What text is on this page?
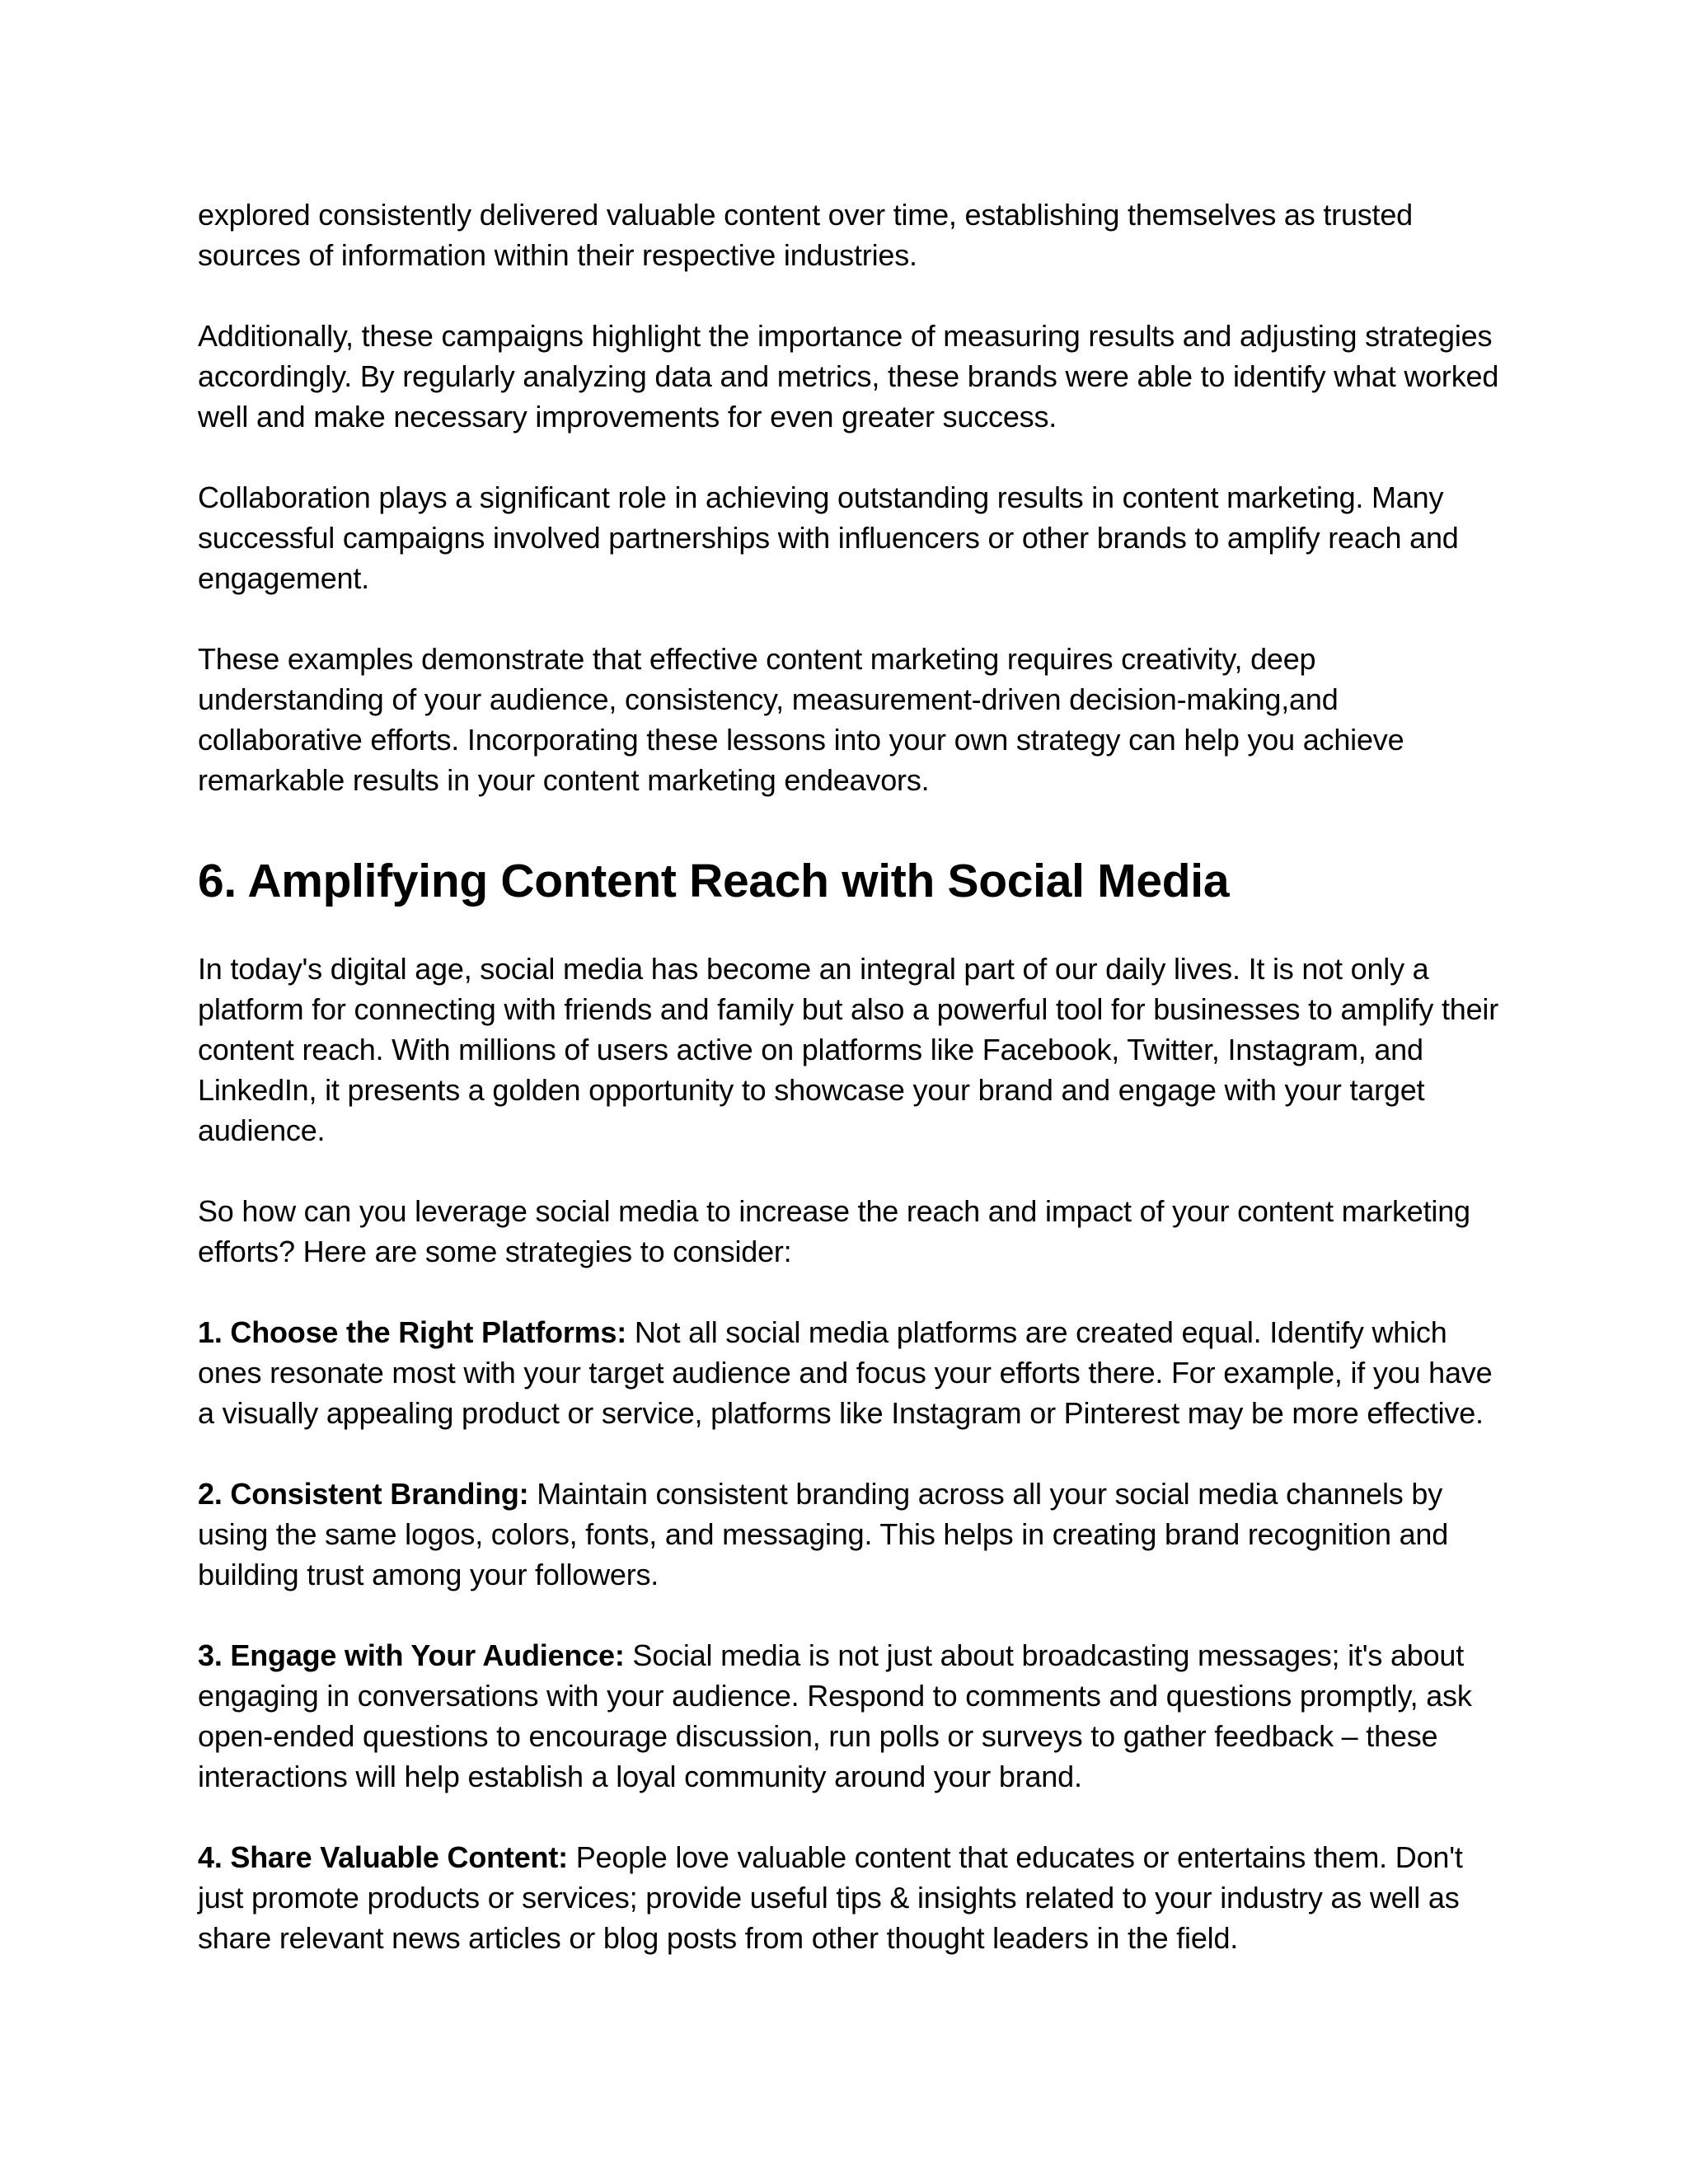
explored consistently delivered valuable content over time, establishing themselves as trusted sources of information within their respective industries.

Additionally, these campaigns highlight the importance of measuring results and adjusting strategies accordingly. By regularly analyzing data and metrics, these brands were able to identify what worked well and make necessary improvements for even greater success.

Collaboration plays a significant role in achieving outstanding results in content marketing. Many successful campaigns involved partnerships with influencers or other brands to amplify reach and engagement.

These examples demonstrate that effective content marketing requires creativity, deep understanding of your audience, consistency, measurement-driven decision-making,and collaborative efforts. Incorporating these lessons into your own strategy can help you achieve remarkable results in your content marketing endeavors.

6. Amplifying Content Reach with Social Media

In today's digital age, social media has become an integral part of our daily lives. It is not only a platform for connecting with friends and family but also a powerful tool for businesses to amplify their content reach. With millions of users active on platforms like Facebook, Twitter, Instagram, and LinkedIn, it presents a golden opportunity to showcase your brand and engage with your target audience.

So how can you leverage social media to increase the reach and impact of your content marketing efforts? Here are some strategies to consider:

1. Choose the Right Platforms: Not all social media platforms are created equal. Identify which ones resonate most with your target audience and focus your efforts there. For example, if you have a visually appealing product or service, platforms like Instagram or Pinterest may be more effective.

2. Consistent Branding: Maintain consistent branding across all your social media channels by using the same logos, colors, fonts, and messaging. This helps in creating brand recognition and building trust among your followers.

3. Engage with Your Audience: Social media is not just about broadcasting messages; it's about engaging in conversations with your audience. Respond to comments and questions promptly, ask open-ended questions to encourage discussion, run polls or surveys to gather feedback – these interactions will help establish a loyal community around your brand.

4. Share Valuable Content: People love valuable content that educates or entertains them. Don't just promote products or services; provide useful tips & insights related to your industry as well as share relevant news articles or blog posts from other thought leaders in the field.
